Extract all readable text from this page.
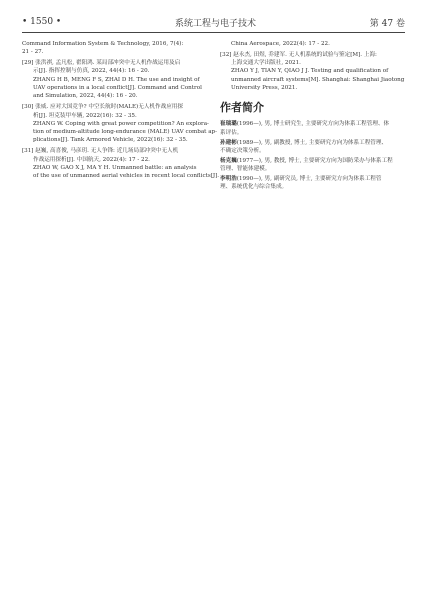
• 1550 •	系统工程与电子技术	第 47 卷
Command Information System & Technology, 2016, 7(4):
21 - 27.
[29] 张洪祺, 孟凡松, 翟阳鸿. 某局部冲突中无人机作战运用及启
示[J]. 指挥控制与仿真, 2022, 44(4): 16 - 20.
ZHANG H B, MENG F S, ZHAI D H. The use and insight of
UAV operations in a local conflict[J]. Command and Control
and Simulation, 2022, 44(4): 16 - 20.
[30] 张威. 应对大国竞争? 中空长航时(MALE)无人机作战应用探
析[J]. 坦克装甲车辆, 2022(16): 32 - 35.
ZHANG W. Coping with great power competition? An explora-
tion of medium-altitude long-endurance (MALE) UAV combat ap-
plications[J]. Tank Armored Vehicle, 2022(16): 32 - 35.
[31] 赵巍, 高喜俊, 马彦玥. 无人争锋: 近几场局部冲突中无人机
作战运用探析[J]. 中国航天, 2022(4): 17 - 22.
ZHAO W, GAO X J, MA Y H. Unmanned battle: an analysis
of the use of unmanned aerial vehicles in recent local conflicts[J].
China Aerospace, 2022(4): 17 - 22.
[32] 赵永杰, 田煜, 乔建军. 无人机系统的试验与鉴定[M]. 上海:
上海交通大学出版社, 2021.
ZHAO Y J, TIAN Y, QIAO J J. Testing and qualification of
unmanned aircraft systems[M]. Shanghai: Shanghai Jiaotong
University Press, 2021.
作者简介
崔瑞璐(1996—), 男, 博士研究生, 主要研究方向为体系工程管理、体
系评估。
孙建彬(1989—), 男, 副教授, 博士, 主要研究方向为体系工程管理、
不确定决策分析。
杨克巍(1977—), 男, 教授, 博士, 主要研究方向为国防采办与体系工程
管理、智能体建模。
李明浩(1990—), 男, 副研究员, 博士, 主要研究方向为体系工程管
理、系统优化与综合集成。
